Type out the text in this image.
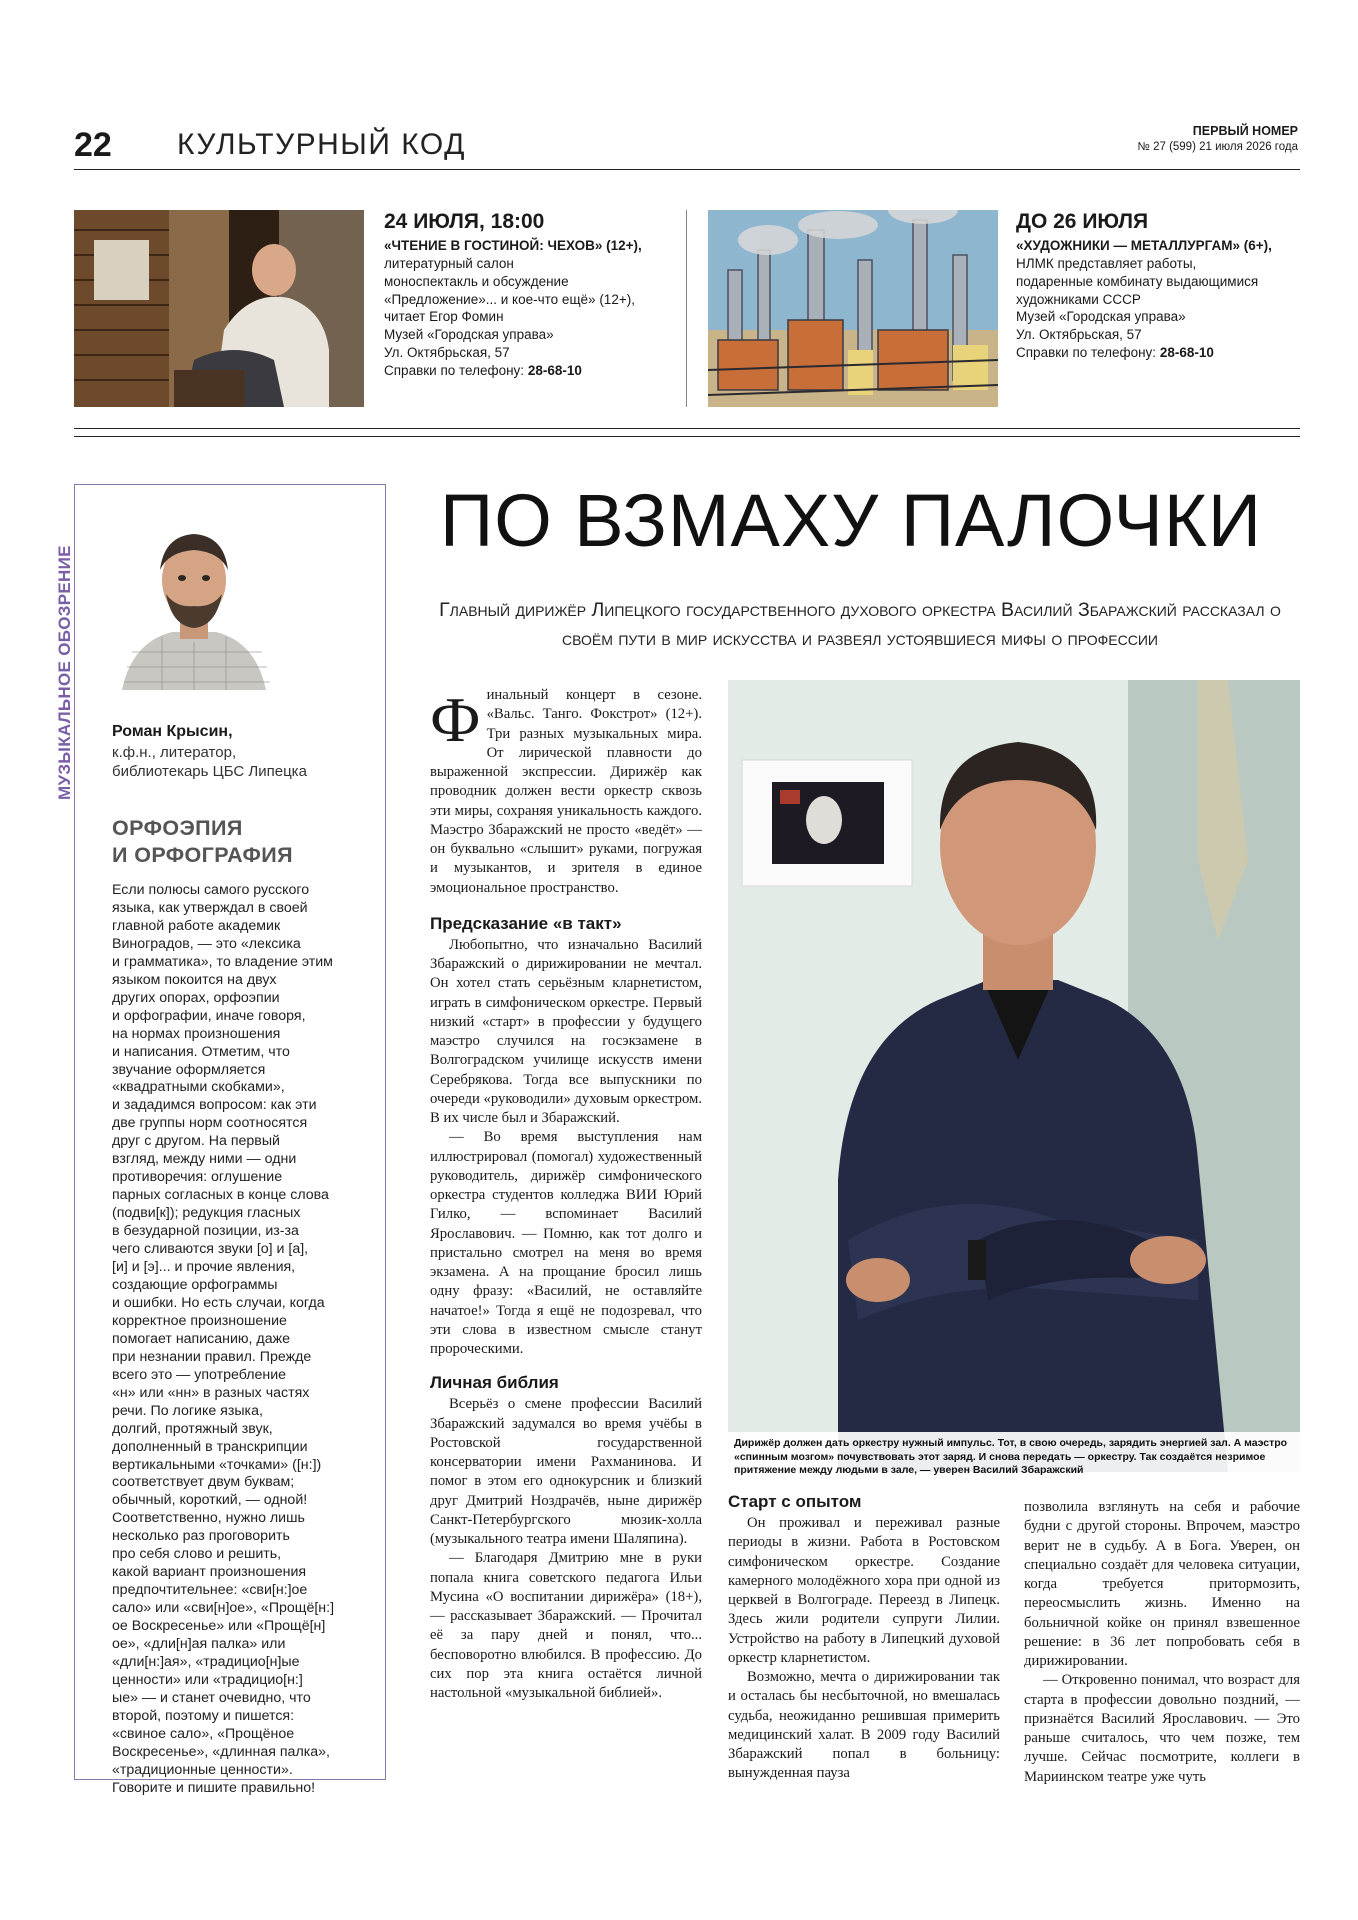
22 КУЛЬТУРНЫЙ КОД	ПЕРВЫЙ НОМЕР
№ 27 (599) 21 июля 2026 года
24 ИЮЛЯ, 18:00
«ЧТЕНИЕ В ГОСТИНОЙ: ЧЕХОВ» (12+),
литературный салон
моноспектакль и обсуждение
«Предложение»... и кое-что ещё» (12+),
читает Егор Фомин
Музей «Городская управа»
Ул. Октябрьская, 57
Справки по телефону: 28-68-10
ДО 26 ИЮЛЯ
«ХУДОЖНИКИ — МЕТАЛЛУРГАМ» (6+),
НЛМК представляет работы,
подаренные комбинату выдающимися
художниками СССР
Музей «Городская управа»
Ул. Октябрьская, 57
Справки по телефону: 28-68-10
МУЗЫКАЛЬНОЕ ОБОЗРЕНИЕ Роман Крысин,
к.ф.н., литератор,
библиотекарь ЦБС Липецка
ОРФОЭПИЯ
И ОРФОГРАФИЯ
Если полюсы самого русского
языка, как утверждал в своей
главной работе академик
Виноградов, — это «лексика
и грамматика», то владение этим
языком покоится на двух
других опорах, орфоэпии
и орфографии, иначе говоря,
на нормах произношения
и написания. Отметим, что
звучание оформляется
«квадратными скобками»,
и зададимся вопросом: как эти
две группы норм соотносятся
друг с другом. На первый
взгляд, между ними — одни
противоречия: оглушение
парных согласных в конце слова
(подви[к]); редукция гласных
в безударной позиции, из-за
чего сливаются звуки [о] и [а],
[и] и [э]... и прочие явления,
создающие орфограммы
и ошибки. Но есть случаи, когда
корректное произношение
помогает написанию, даже
при незнании правил. Прежде
всего это — употребление
«н» или «нн» в разных частях
речи. По логике языка,
долгий, протяжный звук,
дополненный в транскрипции
вертикальными «точками» ([н:])
соответствует двум буквам;
обычный, короткий, — одной!
Соответственно, нужно лишь
несколько раз проговорить
про себя слово и решить,
какой вариант произношения
предпочтительнее: «сви[н:]ое
сало» или «сви[н]ое», «Прощё[н:]
ое Воскресенье» или «Прощё[н]
ое», «дли[н]ая палка» или
«дли[н:]ая», «традицио[н]ые
ценности» или «традицио[н:]
ые» — и станет очевидно, что
второй, поэтому и пишется:
«свиное сало», «Прощёное
Воскресенье», «длинная палка»,
«традиционные ценности».
Говорите и пишите правильно!
ПО ВЗМАХУ ПАЛОЧКИ
Главный дирижёр Липецкого государственного духового оркестра Василий Збаражский рассказал о своём пути в мир искусства и развеял устоявшиеся мифы о профессии

Финальный концерт в сезоне. «Вальс. Танго. Фокстрот» (12+). Три разных музыкальных мира. От лирической плавности до выраженной экспрессии. Дирижёр как проводник должен вести оркестр сквозь эти миры, сохраняя уникальность каждого. Маэстро Збаражский не просто «ведёт» — он буквально «слышит» руками, погружая и музыкантов, и зрителя в единое эмоциональное пространство.

Предсказание «в такт»

Любопытно, что изначально Василий Збаражский о дирижировании не мечтал. Он хотел стать серьёзным кларнетистом, играть в симфоническом оркестре. Первый низкий «старт» в профессии у будущего маэстро случился на госэкзамене в Волгоградском училище искусств имени Серебрякова. Тогда все выпускники по очереди «руководили» духовым оркестром. В их числе был и Збаражский.

— Во время выступления нам иллюстрировал (помогал) художественный руководитель, дирижёр симфонического оркестра студентов колледжа ВИИ Юрий Гилко, — вспоминает Василий Ярославович. — Помню, как тот долго и пристально смотрел на меня во время экзамена. А на прощание бросил лишь одну фразу: «Василий, не оставляйте начатое!» Тогда я ещё не подозревал, что эти слова в известном смысле станут пророческими.

Личная библия

Всерьёз о смене профессии Василий Збаражский задумался во время учёбы в Ростовской государственной консерватории имени Рахманинова. И помог в этом его однокурсник и близкий друг Дмитрий Ноздрачёв, ныне дирижёр Санкт-Петербургского мюзик-холла (музыкального театра имени Шаляпина).

— Благодаря Дмитрию мне в руки попала книга советского педагога Ильи Мусина «О воспитании дирижёра» (18+), — рассказывает Збаражский. — Прочитал её за пару дней и понял, что... бесповоротно влюбился. В профессию. До сих пор эта книга остаётся личной настольной «музыкальной библией».

Дирижёр должен дать оркестру нужный импульс. Тот, в свою очередь, зарядить энергией зал. А маэстро «спинным мозгом» почувствовать этот заряд. И снова передать — оркестру. Так создаётся незримое притяжение между людьми в зале, — уверен Василий Збаражский
Старт с опытом

Он проживал и переживал разные периоды в жизни. Работа в Ростовском симфоническом оркестре. Создание камерного молодёжного хора при одной из церквей в Волгограде. Переезд в Липецк. Здесь жили родители супруги Лилии. Устройство на работу в Липецкий духовой оркестр кларнетистом.

Возможно, мечта о дирижировании так и осталась бы несбыточной, но вмешалась судьба, неожиданно решившая примерить медицинский халат. В 2009 году Василий Збаражский попал в больницу: вынужденная пауза

позволила взглянуть на себя и рабочие будни с другой стороны. Впрочем, маэстро верит не в судьбу. А в Бога. Уверен, он специально создаёт для человека ситуации, когда требуется притормозить, переосмыслить жизнь. Именно на больничной койке он принял взвешенное решение: в 36 лет попробовать себя в дирижировании.

— Откровенно понимал, что возраст для старта в профессии довольно поздний, — признаётся Василий Ярославович. — Это раньше считалось, что чем позже, тем лучше. Сейчас посмотрите, коллеги в Мариинском театре уже чуть
